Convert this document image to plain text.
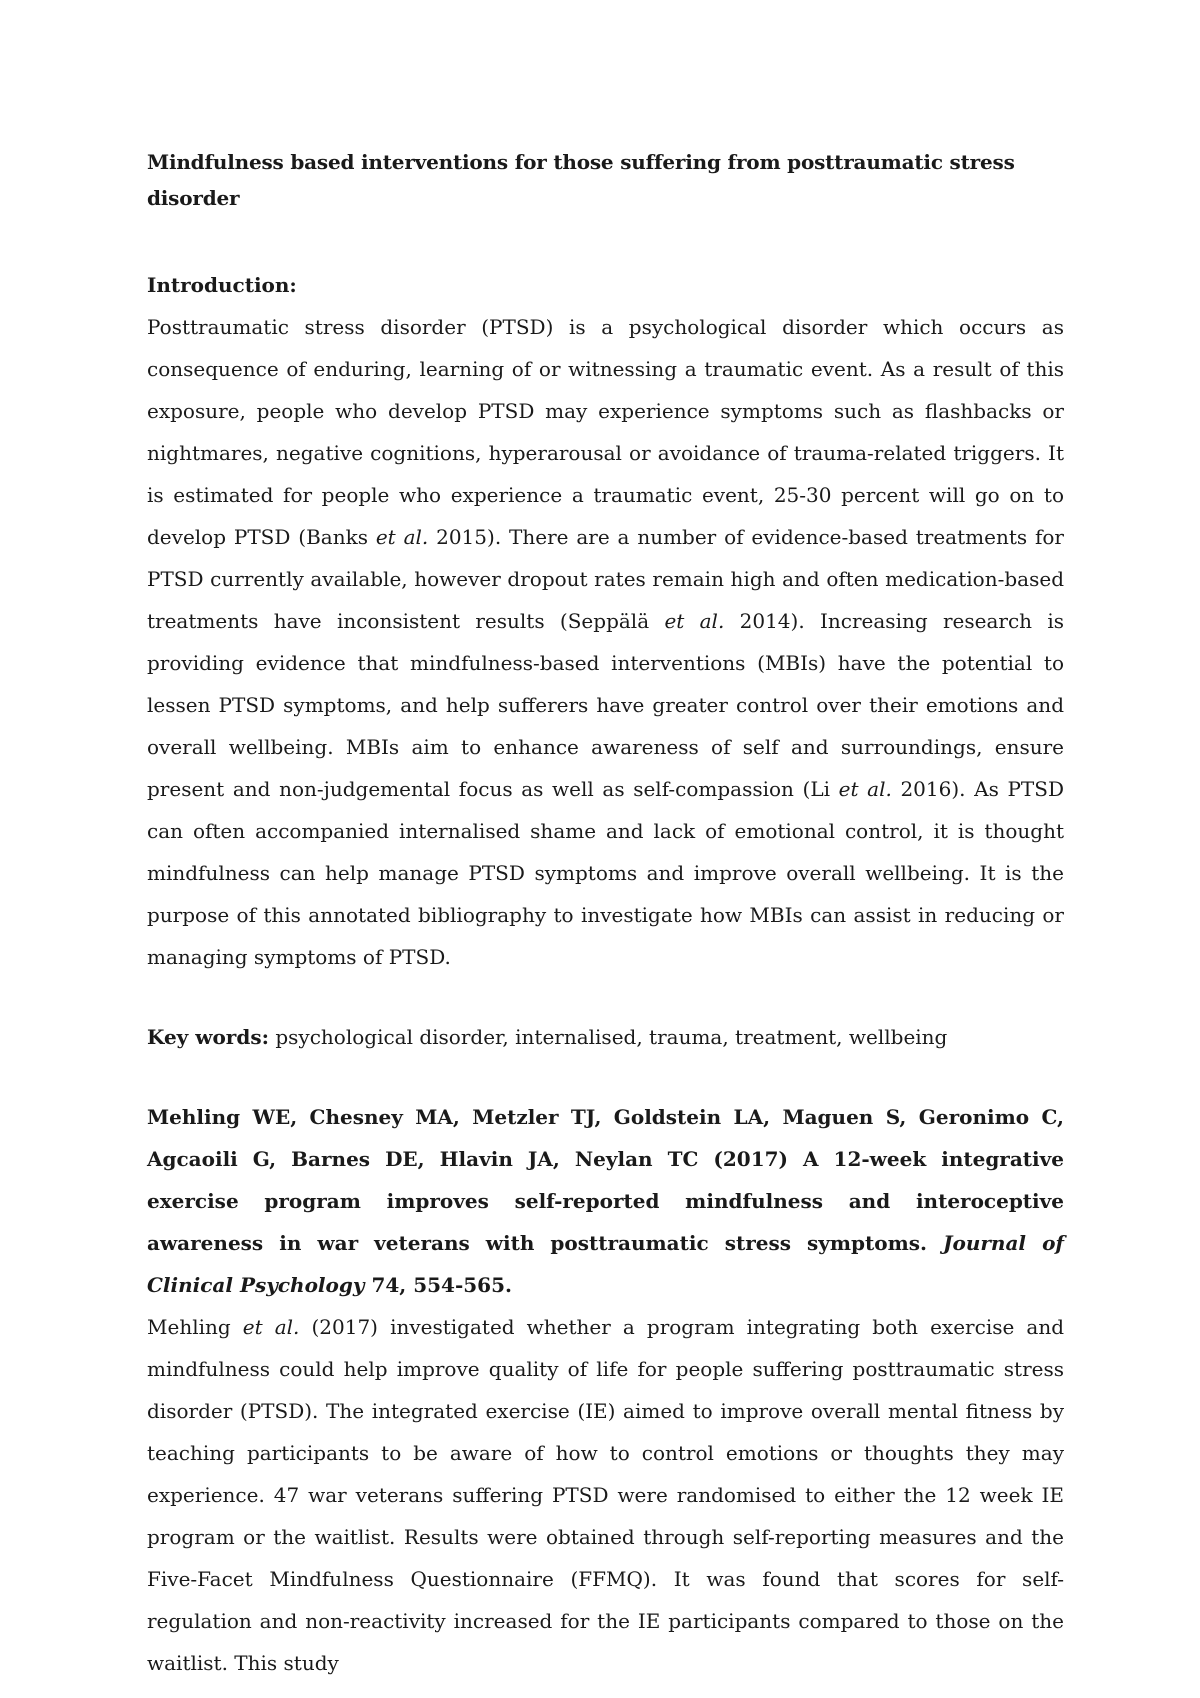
Mindfulness based interventions for those suffering from posttraumatic stress disorder

Introduction:

Posttraumatic stress disorder (PTSD) is a psychological disorder which occurs as consequence of enduring, learning of or witnessing a traumatic event. As a result of this exposure, people who develop PTSD may experience symptoms such as flashbacks or nightmares, negative cognitions, hyperarousal or avoidance of trauma-related triggers. It is estimated for people who experience a traumatic event, 25-30 percent will go on to develop PTSD (Banks et al. 2015). There are a number of evidence-based treatments for PTSD currently available, however dropout rates remain high and often medication-based treatments have inconsistent results (Seppälä et al. 2014). Increasing research is providing evidence that mindfulness-based interventions (MBIs) have the potential to lessen PTSD symptoms, and help sufferers have greater control over their emotions and overall wellbeing. MBIs aim to enhance awareness of self and surroundings, ensure present and non-judgemental focus as well as self-compassion (Li et al. 2016). As PTSD can often accompanied internalised shame and lack of emotional control, it is thought mindfulness can help manage PTSD symptoms and improve overall wellbeing. It is the purpose of this annotated bibliography to investigate how MBIs can assist in reducing or managing symptoms of PTSD.

Key words: psychological disorder, internalised, trauma, treatment, wellbeing

Mehling WE, Chesney MA, Metzler TJ, Goldstein LA, Maguen S, Geronimo C, Agcaoili G, Barnes DE, Hlavin JA, Neylan TC (2017) A 12-week integrative exercise program improves self-reported mindfulness and interoceptive awareness in war veterans with posttraumatic stress symptoms. Journal of Clinical Psychology 74, 554-565.

Mehling et al. (2017) investigated whether a program integrating both exercise and mindfulness could help improve quality of life for people suffering posttraumatic stress disorder (PTSD). The integrated exercise (IE) aimed to improve overall mental fitness by teaching participants to be aware of how to control emotions or thoughts they may experience. 47 war veterans suffering PTSD were randomised to either the 12 week IE program or the waitlist. Results were obtained through self-reporting measures and the Five-Facet Mindfulness Questionnaire (FFMQ). It was found that scores for self-regulation and non-reactivity increased for the IE participants compared to those on the waitlist. This study
